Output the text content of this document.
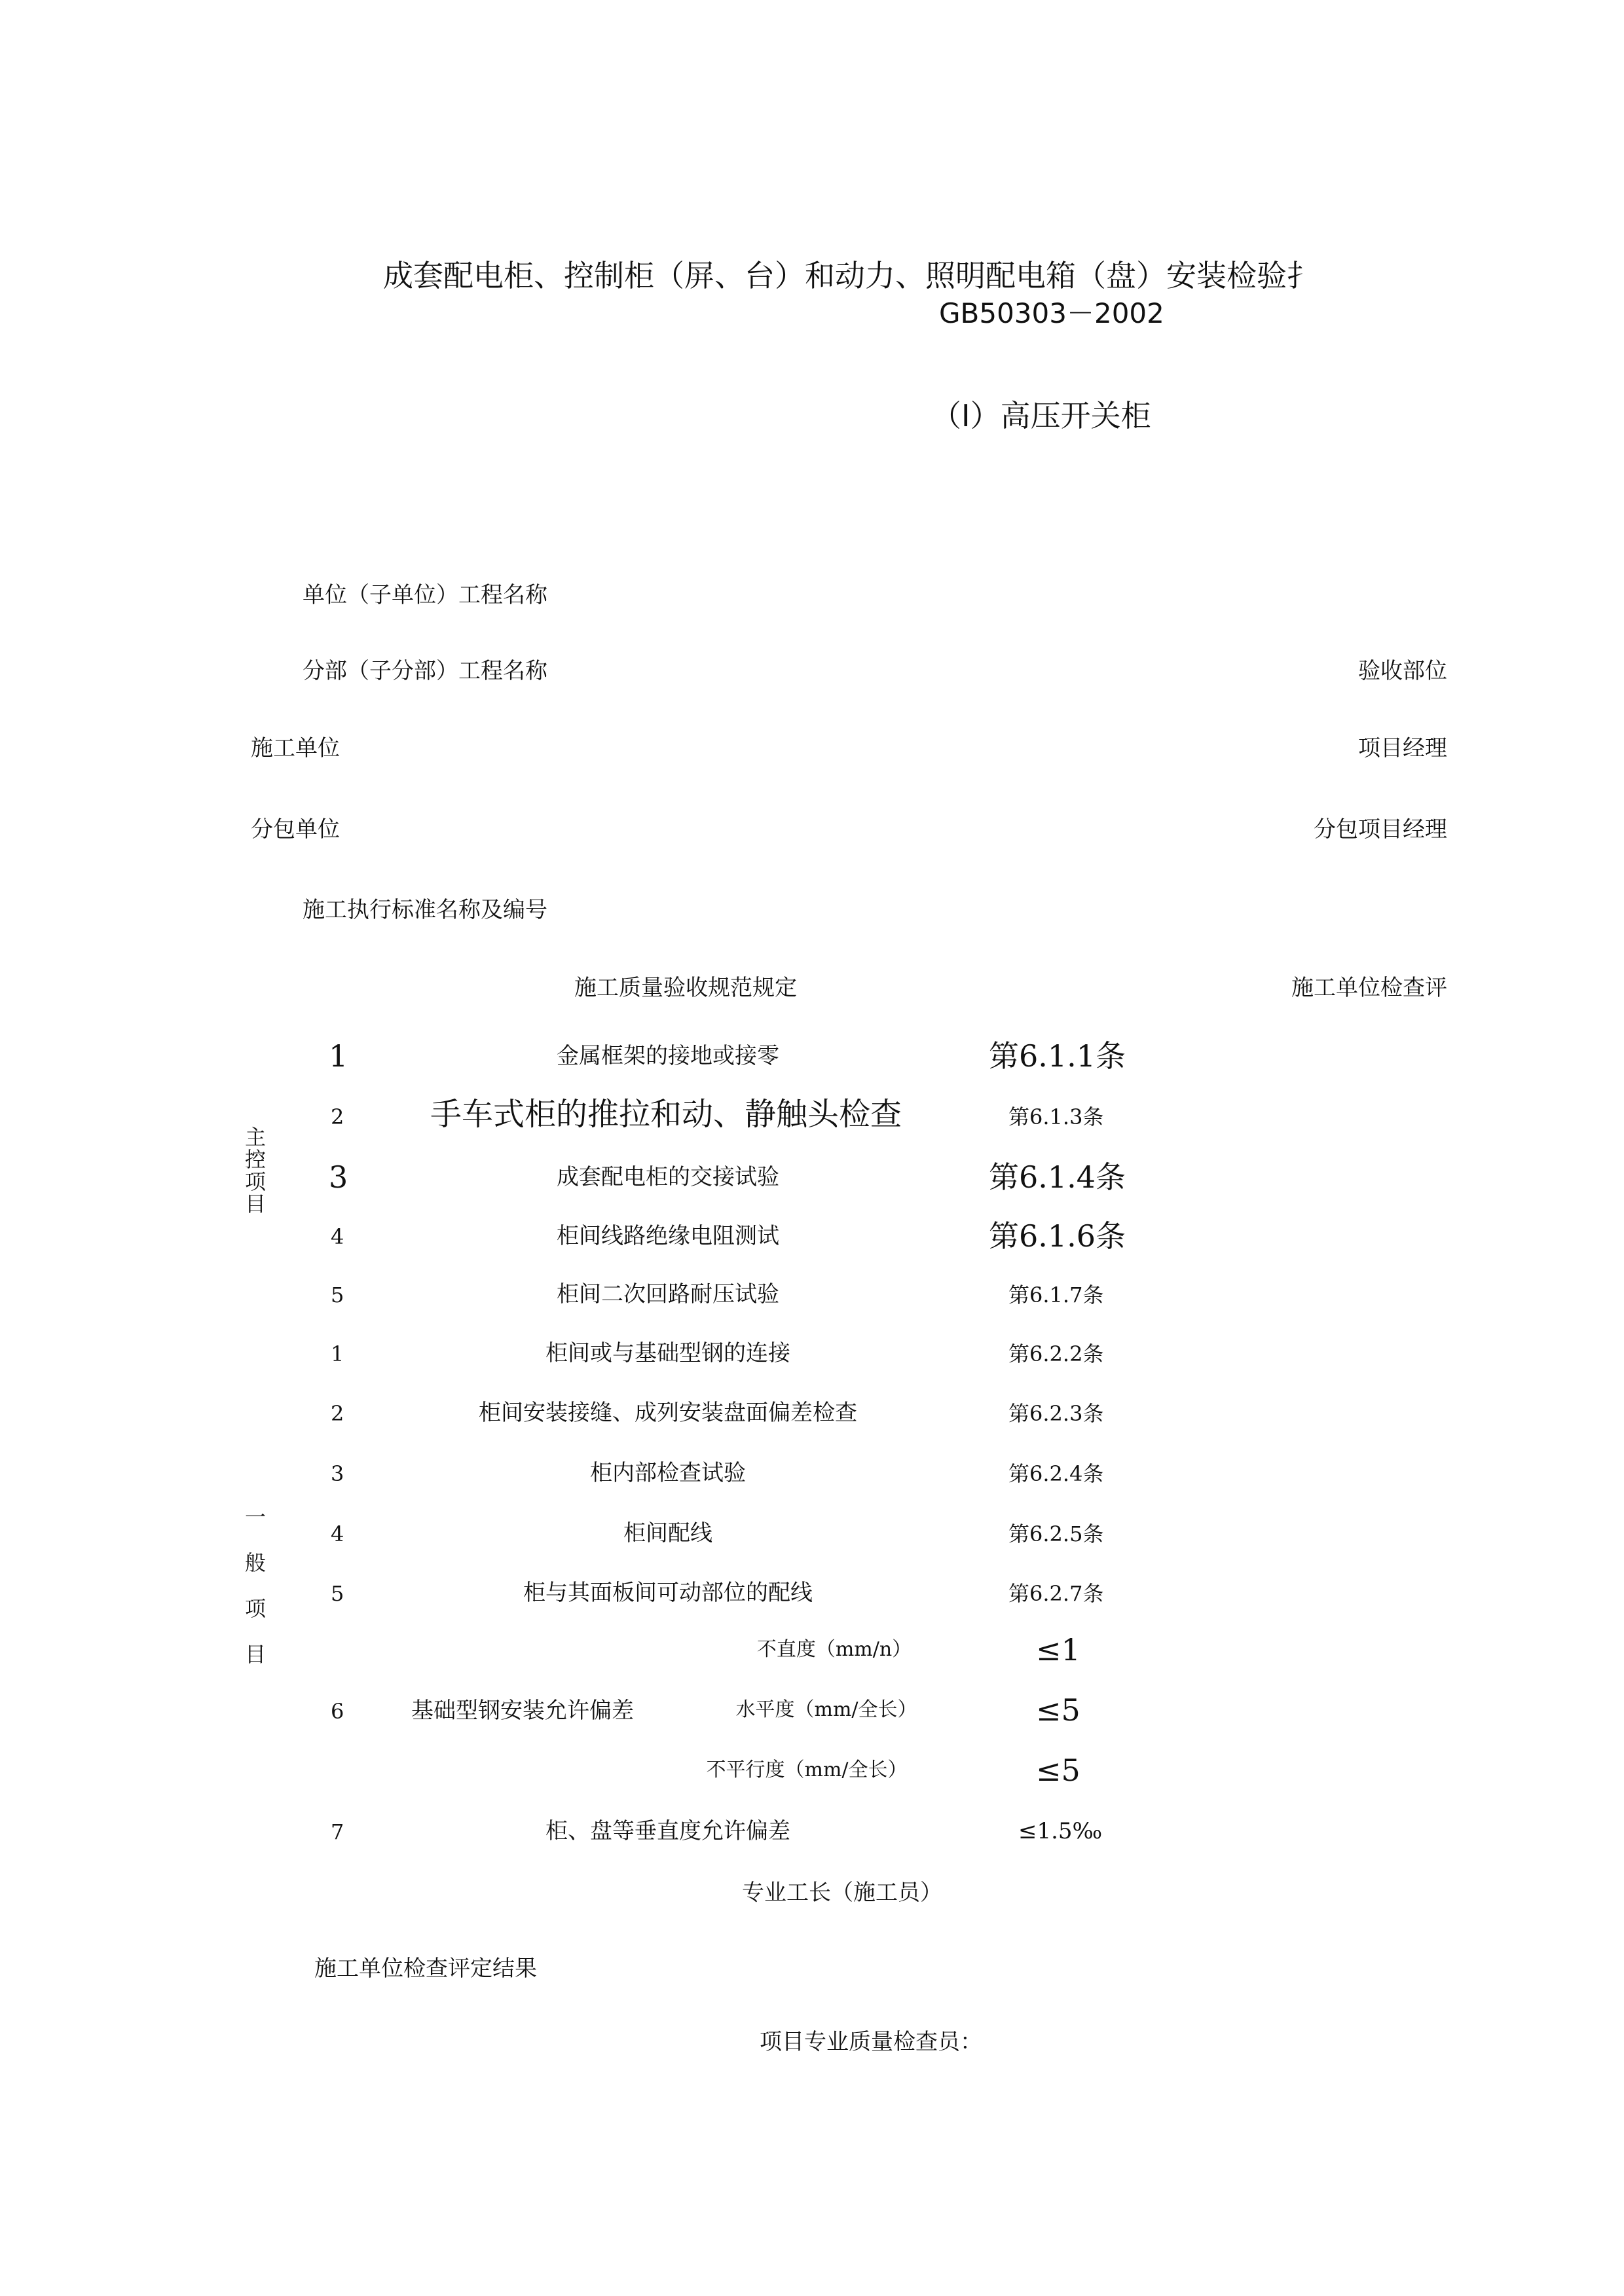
成套配电柜、控制柜（屏、台）和动力、照明配电箱（盘）安装检验扌
GB50303－2002
（Ⅰ）高压开关柜
单位（子单位）工程名称
分部（子分部）工程名称	验收部位
施工单位	项目经理
分包单位	分包项目经理
施工执行标准名称及编号
施工质量验收规范规定	施工单位检查评
主控项目
一般项目
1	金属框架的接地或接零	第6.1.1条
2	手车式柜的推拉和动、静触头检查	第6.1.3条
3	成套配电柜的交接试验	第6.1.4条
4	柜间线路绝缘电阻测试	第6.1.6条
5	柜间二次回路耐压试验	第6.1.7条
1	柜间或与基础型钢的连接	第6.2.2条
2	柜间安装接缝、成列安装盘面偏差检查	第6.2.3条
3	柜内部检查试验	第6.2.4条
4	柜间配线	第6.2.5条
5	柜与其面板间可动部位的配线	第6.2.7条
不直度（mm/n）	≤1
6	基础型钢安装允许偏差	水平度（mm/全长）	≤5
不平行度（mm/全长）	≤5
7	柜、盘等垂直度允许偏差	≤1.5‰
专业工长（施工员）
施工单位检查评定结果
项目专业质量检查员：
